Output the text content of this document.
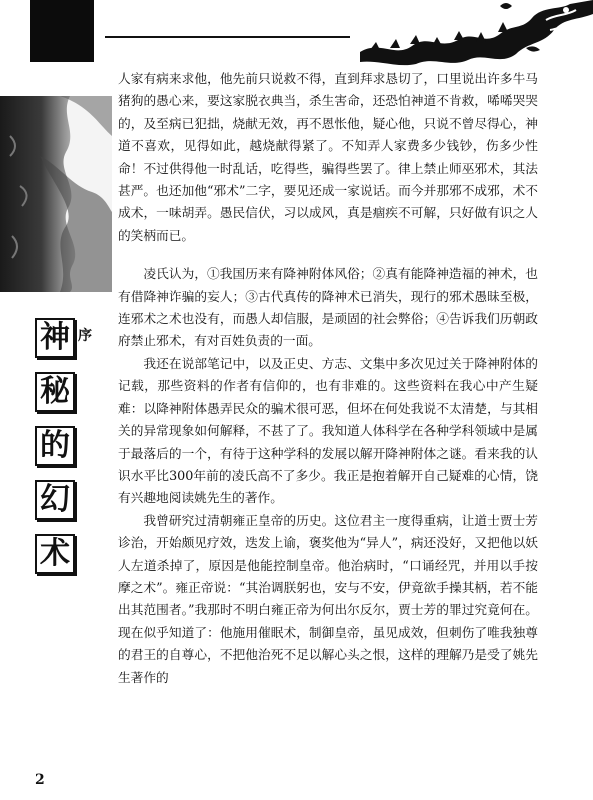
神
秘
的
幻
术
序

人家有病来求他，他先前只说救不得，直到拜求恳切了，口里说出许多牛马猪狗的愚心来，要这家脱衣典当，杀生害命，还恐怕神道不肯救，唏唏哭哭的，及至病已犯拙，烧献无效，再不恩怅他，疑心他，只说不曾尽得心，神道不喜欢，见得如此，越烧献得紧了。不知弄人家费多少钱钞，伤多少性命！不过供得他一时乱话，吃得些，骗得些罢了。律上禁止师巫邪术，其法甚严。也还加他“邪术”二字，要见还成一家说话。而今并那邪不成邪，术不成术，一味胡弄。愚民信伏，习以成风，真是痼疾不可解，只好做有识之人的笑柄而已。

凌氏认为，①我国历来有降神附体风俗；②真有能降神造福的神术，也有借降神诈骗的妄人；③古代真传的降神术已消失，现行的邪术愚昧至极，连邪术之术也没有，而愚人却信服，是顽固的社会弊俗；④告诉我们历朝政府禁止邪术，有对百姓负责的一面。

我还在说部笔记中，以及正史、方志、文集中多次见过关于降神附体的记载，那些资料的作者有信仰的，也有非难的。这些资料在我心中产生疑难：以降神附体愚弄民众的骗术很可恶，但坏在何处我说不太清楚，与其相关的异常现象如何解释，不甚了了。我知道人体科学在各种学科领域中是属于最落后的一个，有待于这种学科的发展以解开降神附体之谜。看来我的认识水平比300年前的凌氏高不了多少。我正是抱着解开自己疑难的心情，饶有兴趣地阅读姚先生的著作。

我曾研究过清朝雍正皇帝的历史。这位君主一度得重病，让道士贾士芳诊治，开始颇见疗效，迭发上谕，褒奖他为“异人”，病还没好，又把他以妖人左道杀掉了，原因是他能控制皇帝。他治病时，“口诵经咒，并用以手按摩之术”。雍正帝说：“其治调朕躬也，安与不安，伊竟欲手操其柄，若不能出其范围者。”我那时不明白雍正帝为何出尔反尔，贾士芳的罪过究竟何在。现在似乎知道了：他施用催眠术，制御皇帝，虽见成效，但刺伤了唯我独尊的君王的自尊心，不把他治死不足以解心头之恨，这样的理解乃是受了姚先生著作的

2
